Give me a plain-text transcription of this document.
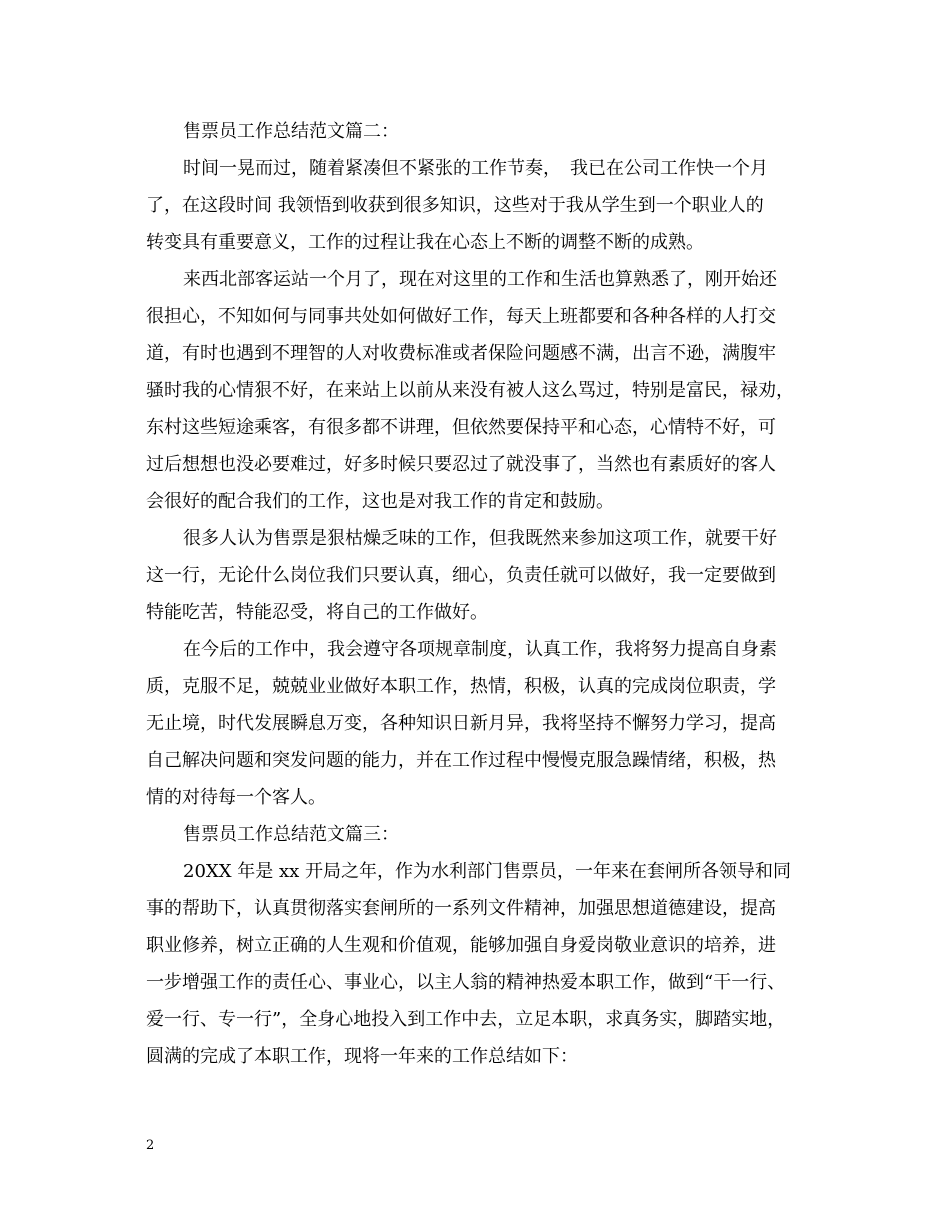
售票员工作总结范文篇二：
时间一晃而过，随着紧凑但不紧张的工作节奏，　我已在公司工作快一个月
了，在这段时间 我领悟到收获到很多知识，这些对于我从学生到一个职业人的
转变具有重要意义，工作的过程让我在心态上不断的调整不断的成熟。
来西北部客运站一个月了，现在对这里的工作和生活也算熟悉了，刚开始还
很担心，不知如何与同事共处如何做好工作，每天上班都要和各种各样的人打交
道，有时也遇到不理智的人对收费标准或者保险问题感不满，出言不逊，满腹牢
骚时我的心情狠不好，在来站上以前从来没有被人这么骂过，特别是富民，禄劝，
东村这些短途乘客，有很多都不讲理，但依然要保持平和心态，心情特不好，可
过后想想也没必要难过，好多时候只要忍过了就没事了，当然也有素质好的客人
会很好的配合我们的工作，这也是对我工作的肯定和鼓励。
很多人认为售票是狠枯燥乏味的工作，但我既然来参加这项工作，就要干好
这一行，无论什么岗位我们只要认真，细心，负责任就可以做好，我一定要做到
特能吃苦，特能忍受，将自己的工作做好。
在今后的工作中，我会遵守各项规章制度，认真工作，我将努力提高自身素
质，克服不足，兢兢业业做好本职工作，热情，积极，认真的完成岗位职责，学
无止境，时代发展瞬息万变，各种知识日新月异，我将坚持不懈努力学习，提高
自己解决问题和突发问题的能力，并在工作过程中慢慢克服急躁情绪，积极，热
情的对待每一个客人。
售票员工作总结范文篇三：
20XX 年是 xx 开局之年，作为水利部门售票员，一年来在套闸所各领导和同
事的帮助下，认真贯彻落实套闸所的一系列文件精神，加强思想道德建设，提高
职业修养，树立正确的人生观和价值观，能够加强自身爱岗敬业意识的培养，进
一步增强工作的责任心、事业心，以主人翁的精神热爱本职工作，做到“干一行、
爱一行、专一行”，全身心地投入到工作中去，立足本职，求真务实，脚踏实地，
圆满的完成了本职工作，现将一年来的工作总结如下：
2
